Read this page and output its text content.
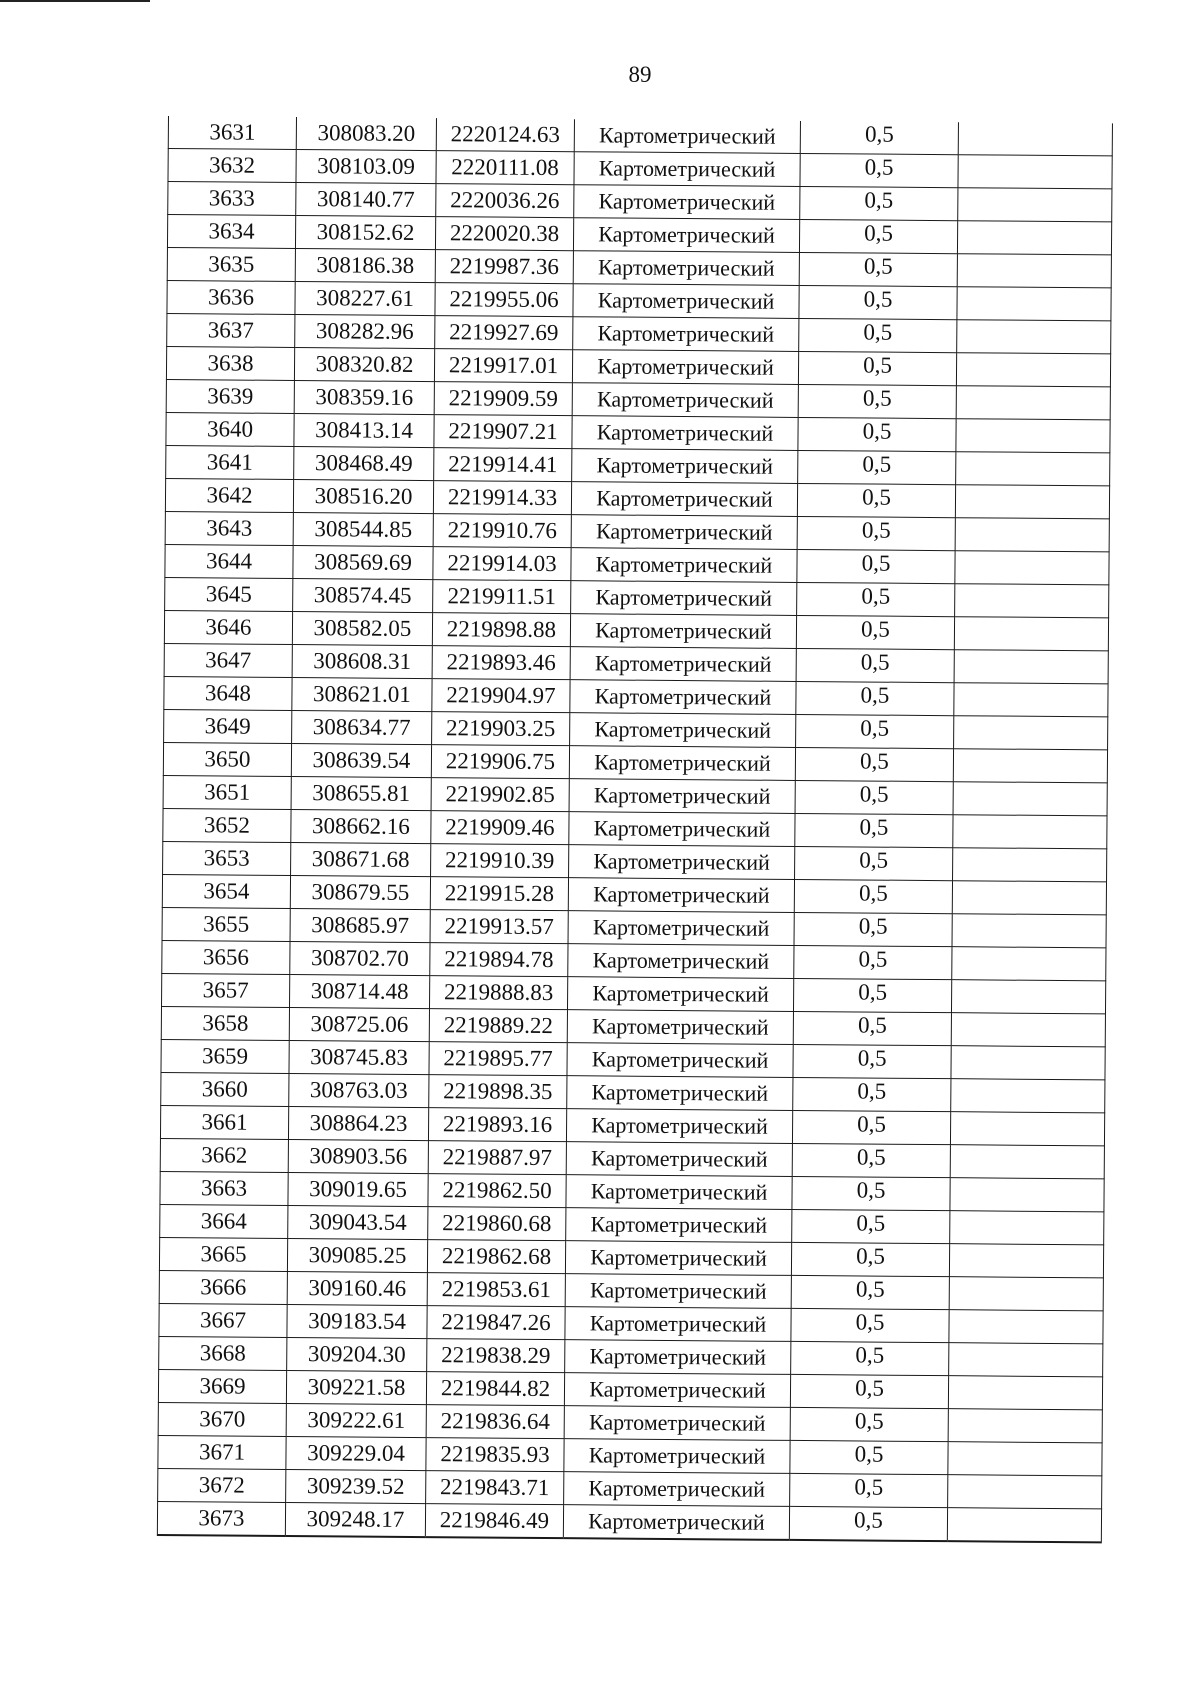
89
3631	308083.20	2220124.63	Картометрический	0,5	
3632	308103.09	2220111.08	Картометрический	0,5	
3633	308140.77	2220036.26	Картометрический	0,5	
3634	308152.62	2220020.38	Картометрический	0,5	
3635	308186.38	2219987.36	Картометрический	0,5	
3636	308227.61	2219955.06	Картометрический	0,5	
3637	308282.96	2219927.69	Картометрический	0,5	
3638	308320.82	2219917.01	Картометрический	0,5	
3639	308359.16	2219909.59	Картометрический	0,5	
3640	308413.14	2219907.21	Картометрический	0,5	
3641	308468.49	2219914.41	Картометрический	0,5	
3642	308516.20	2219914.33	Картометрический	0,5	
3643	308544.85	2219910.76	Картометрический	0,5	
3644	308569.69	2219914.03	Картометрический	0,5	
3645	308574.45	2219911.51	Картометрический	0,5	
3646	308582.05	2219898.88	Картометрический	0,5	
3647	308608.31	2219893.46	Картометрический	0,5	
3648	308621.01	2219904.97	Картометрический	0,5	
3649	308634.77	2219903.25	Картометрический	0,5	
3650	308639.54	2219906.75	Картометрический	0,5	
3651	308655.81	2219902.85	Картометрический	0,5	
3652	308662.16	2219909.46	Картометрический	0,5	
3653	308671.68	2219910.39	Картометрический	0,5	
3654	308679.55	2219915.28	Картометрический	0,5	
3655	308685.97	2219913.57	Картометрический	0,5	
3656	308702.70	2219894.78	Картометрический	0,5	
3657	308714.48	2219888.83	Картометрический	0,5	
3658	308725.06	2219889.22	Картометрический	0,5	
3659	308745.83	2219895.77	Картометрический	0,5	
3660	308763.03	2219898.35	Картометрический	0,5	
3661	308864.23	2219893.16	Картометрический	0,5	
3662	308903.56	2219887.97	Картометрический	0,5	
3663	309019.65	2219862.50	Картометрический	0,5	
3664	309043.54	2219860.68	Картометрический	0,5	
3665	309085.25	2219862.68	Картометрический	0,5	
3666	309160.46	2219853.61	Картометрический	0,5	
3667	309183.54	2219847.26	Картометрический	0,5	
3668	309204.30	2219838.29	Картометрический	0,5	
3669	309221.58	2219844.82	Картометрический	0,5	
3670	309222.61	2219836.64	Картометрический	0,5	
3671	309229.04	2219835.93	Картометрический	0,5	
3672	309239.52	2219843.71	Картометрический	0,5	
3673	309248.17	2219846.49	Картометрический	0,5	
